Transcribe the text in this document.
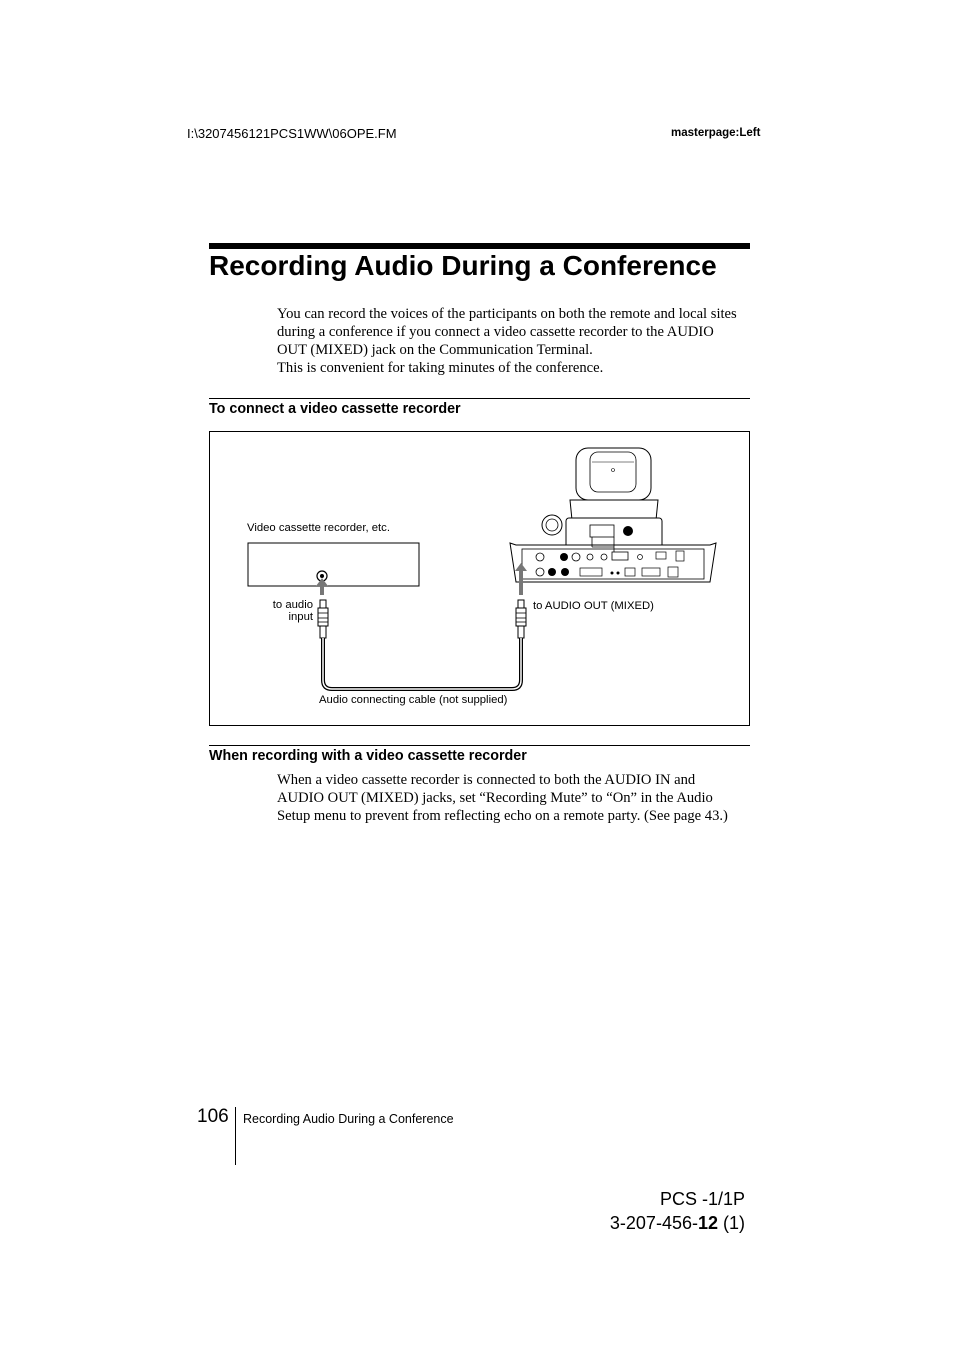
I:\3207456121PCS1WW\06OPE.FM	masterpage:Left
Recording Audio During a Conference
You can record the voices of the participants on both the remote and local sites
during a conference if you connect a video cassette recorder to the AUDIO
OUT (MIXED) jack on the Communication Terminal.
This is convenient for taking minutes of the conference.
To connect a video cassette recorder
Video cassette recorder, etc.
to audio
input
to AUDIO OUT (MIXED)
Audio connecting cable (not supplied)
When recording with a video cassette recorder
When a video cassette recorder is connected to both the AUDIO IN and
AUDIO OUT (MIXED) jacks, set “Recording Mute” to “On” in the Audio
Setup menu to prevent from reflecting echo on a remote party. (See page 43.)
106 Recording Audio During a Conference
PCS -1/1P
3-207-456-12 (1)
